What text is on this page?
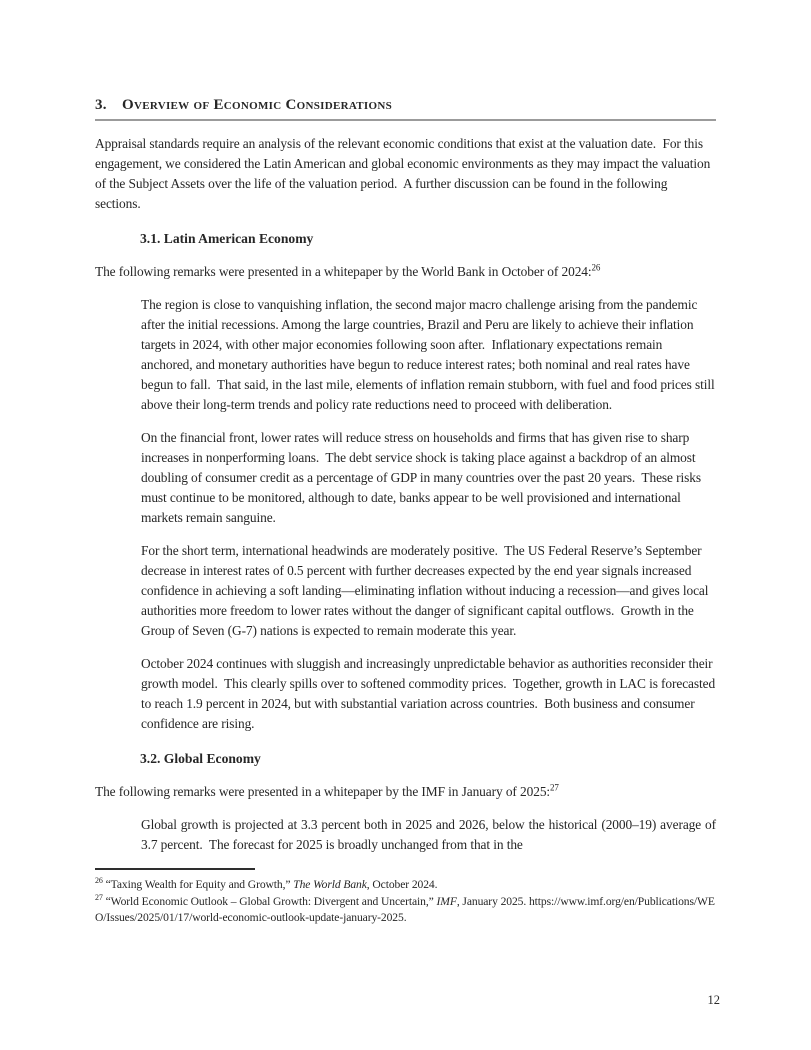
3. Overview of Economic Considerations

Appraisal standards require an analysis of the relevant economic conditions that exist at the valuation date.  For this engagement, we considered the Latin American and global economic environments as they may impact the valuation of the Subject Assets over the life of the valuation period.  A further discussion can be found in the following sections.

3.1. Latin American Economy

The following remarks were presented in a whitepaper by the World Bank in October of 2024:$^{26}$

The region is close to vanquishing inflation, the second major macro challenge arising from the pandemic after the initial recessions. Among the large countries, Brazil and Peru are likely to achieve their inflation targets in 2024, with other major economies following soon after.  Inflationary expectations remain anchored, and monetary authorities have begun to reduce interest rates; both nominal and real rates have begun to fall.  That said, in the last mile, elements of inflation remain stubborn, with fuel and food prices still above their long-term trends and policy rate reductions need to proceed with deliberation.

On the financial front, lower rates will reduce stress on households and firms that has given rise to sharp increases in nonperforming loans.  The debt service shock is taking place against a backdrop of an almost doubling of consumer credit as a percentage of GDP in many countries over the past 20 years.  These risks must continue to be monitored, although to date, banks appear to be well provisioned and international markets remain sanguine.

For the short term, international headwinds are moderately positive.  The US Federal Reserve’s September decrease in interest rates of 0.5 percent with further decreases expected by the end year signals increased confidence in achieving a soft landing—eliminating inflation without inducing a recession—and gives local authorities more freedom to lower rates without the danger of significant capital outflows.  Growth in the Group of Seven (G-7) nations is expected to remain moderate this year.

October 2024 continues with sluggish and increasingly unpredictable behavior as authorities reconsider their growth model.  This clearly spills over to softened commodity prices.  Together, growth in LAC is forecasted to reach 1.9 percent in 2024, but with substantial variation across countries.  Both business and consumer confidence are rising.

3.2. Global Economy

The following remarks were presented in a whitepaper by the IMF in January of 2025:$^{27}$

Global growth is projected at 3.3 percent both in 2025 and 2026, below the historical (2000–19) average of 3.7 percent.  The forecast for 2025 is broadly unchanged from that in the

$^{26}$ “Taxing Wealth for Equity and Growth,” The World Bank, October 2024.

$^{27}$ “World Economic Outlook – Global Growth: Divergent and Uncertain,” IMF, January 2025. https://www.imf.org/en/Publications/WEO/Issues/2025/01/17/world-economic-outlook-update-january-2025.

12
